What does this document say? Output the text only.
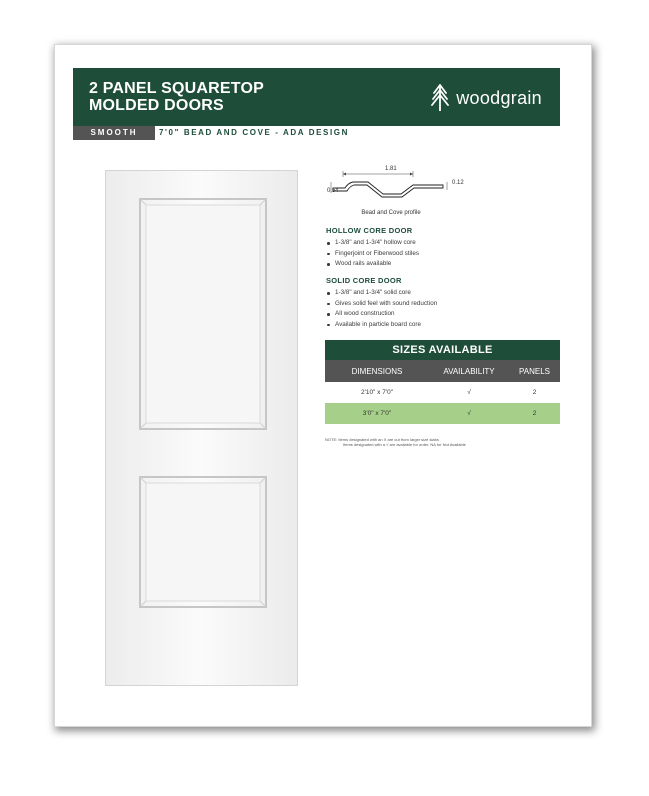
2 PANEL SQUARETOP
MOLDED DOORS	woodgrain
SMOOTH	7'0" BEAD AND COVE - ADA DESIGN
1.81
0.54
0.12
Bead and Cove profile
HOLLOW CORE DOOR
1-3/8" and 1-3/4" hollow core
Fingerjoint or Fiberwood stiles
Wood rails available
SOLID CORE DOOR
1-3/8" and 1-3/4" solid core
Gives solid feel with sound reduction
All wood construction
Available in particle board core
SIZES AVAILABLE
DIMENSIONS	AVAILABILITY	PANELS
2'10" x 7'0"	√	2
3'0" x 7'0"	√	2
NOTE: Items designated with an X are cut from larger size slabs
Items designated with a √ are available for order. NA for Not Available
